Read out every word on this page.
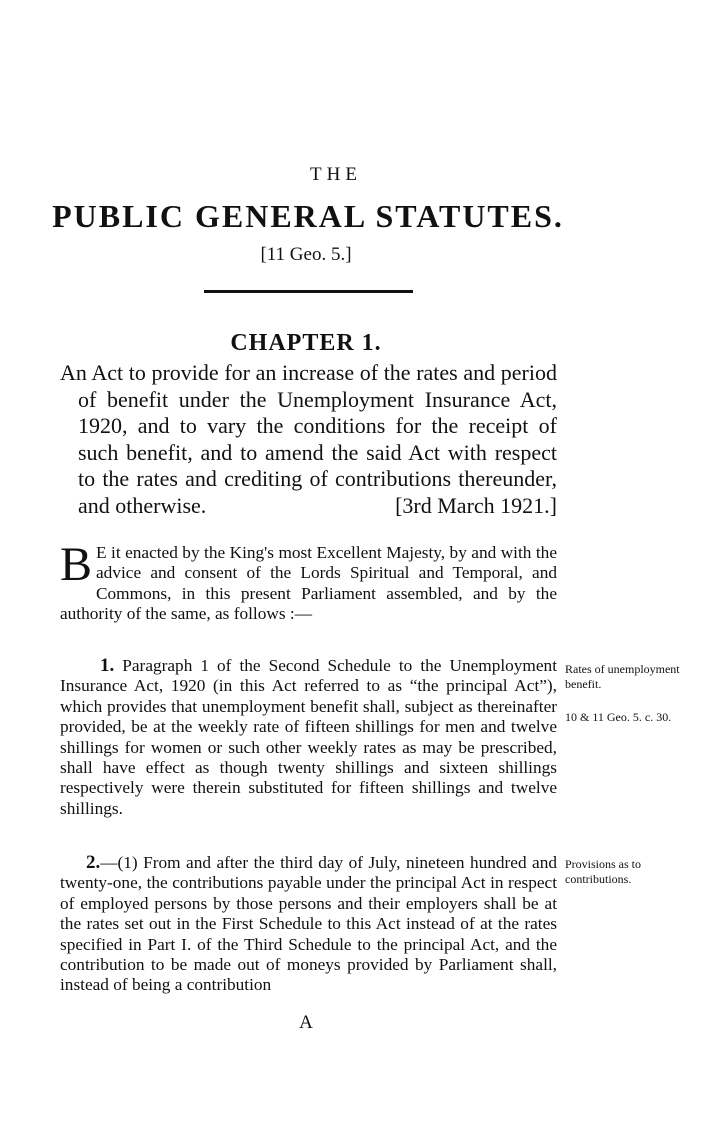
THE
PUBLIC GENERAL STATUTES.
[11 Geo. 5.]
CHAPTER 1.
An Act to provide for an increase of the rates and period of benefit under the Unemployment Insurance Act, 1920, and to vary the conditions for the receipt of such benefit, and to amend the said Act with respect to the rates and crediting of contributions thereunder, and otherwise.	[3rd March 1921.]
B E it enacted by the King's most Excellent Majesty, by and with the advice and consent of the Lords Spiritual and Temporal, and Commons, in this present Parliament assembled, and by the authority of the same, as follows :—
1. Paragraph 1 of the Second Schedule to the Unemployment Insurance Act, 1920 (in this Act referred to as “the principal Act”), which provides that unemployment benefit shall, subject as thereinafter provided, be at the weekly rate of fifteen shillings for men and twelve shillings for women or such other weekly rates as may be prescribed, shall have effect as though twenty shillings and sixteen shillings respectively were therein substituted for fifteen shillings and twelve shillings.
Rates of unemployment benefit.
10 & 11 Geo. 5. c. 30.
2.—(1) From and after the third day of July, nineteen hundred and twenty-one, the contributions payable under the principal Act in respect of employed persons by those persons and their employers shall be at the rates set out in the First Schedule to this Act instead of at the rates specified in Part I. of the Third Schedule to the principal Act, and the contribution to be made out of moneys provided by Parliament shall, instead of being a contribution
Provisions as to contributions.
A
